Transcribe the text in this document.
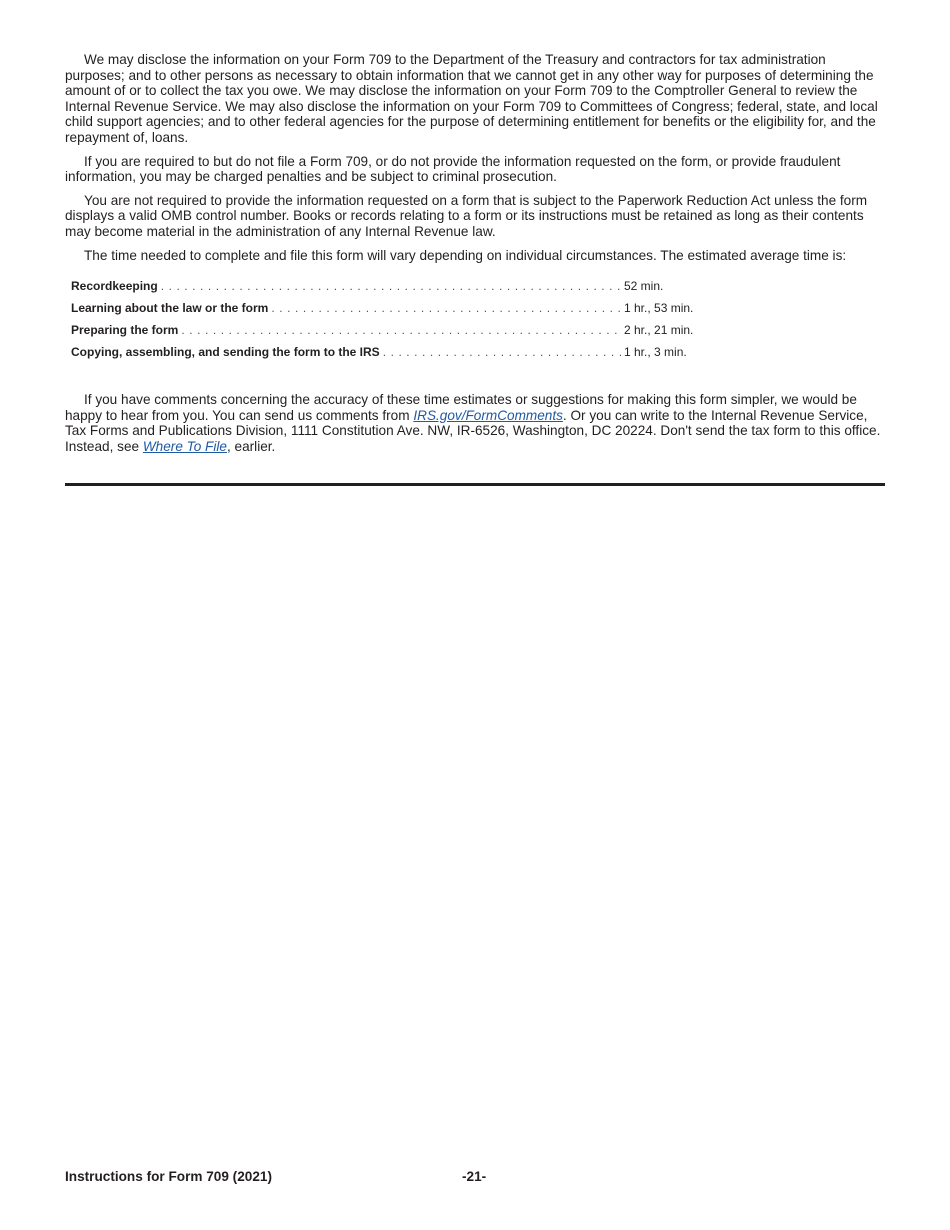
We may disclose the information on your Form 709 to the Department of the Treasury and contractors for tax administration purposes; and to other persons as necessary to obtain information that we cannot get in any other way for purposes of determining the amount of or to collect the tax you owe. We may disclose the information on your Form 709 to the Comptroller General to review the Internal Revenue Service. We may also disclose the information on your Form 709 to Committees of Congress; federal, state, and local child support agencies; and to other federal agencies for the purpose of determining entitlement for benefits or the eligibility for, and the repayment of, loans.

If you are required to but do not file a Form 709, or do not provide the information requested on the form, or provide fraudulent information, you may be charged penalties and be subject to criminal prosecution.

You are not required to provide the information requested on a form that is subject to the Paperwork Reduction Act unless the form displays a valid OMB control number. Books or records relating to a form or its instructions must be retained as long as their contents may become material in the administration of any Internal Revenue law.

The time needed to complete and file this form will vary depending on individual circumstances. The estimated average time is:

Recordkeeping . . .	52 min.
Learning about the law or the form . . .	1 hr., 53 min.
Preparing the form . . .	2 hr., 21 min.
Copying, assembling, and sending the form to the IRS . . .	1 hr., 3 min.

If you have comments concerning the accuracy of these time estimates or suggestions for making this form simpler, we would be happy to hear from you. You can send us comments from IRS.gov/FormComments. Or you can write to the Internal Revenue Service, Tax Forms and Publications Division, 1111 Constitution Ave. NW, IR-6526, Washington, DC 20224. Don't send the tax form to this office. Instead, see Where To File, earlier.

Instructions for Form 709 (2021)	-21-
